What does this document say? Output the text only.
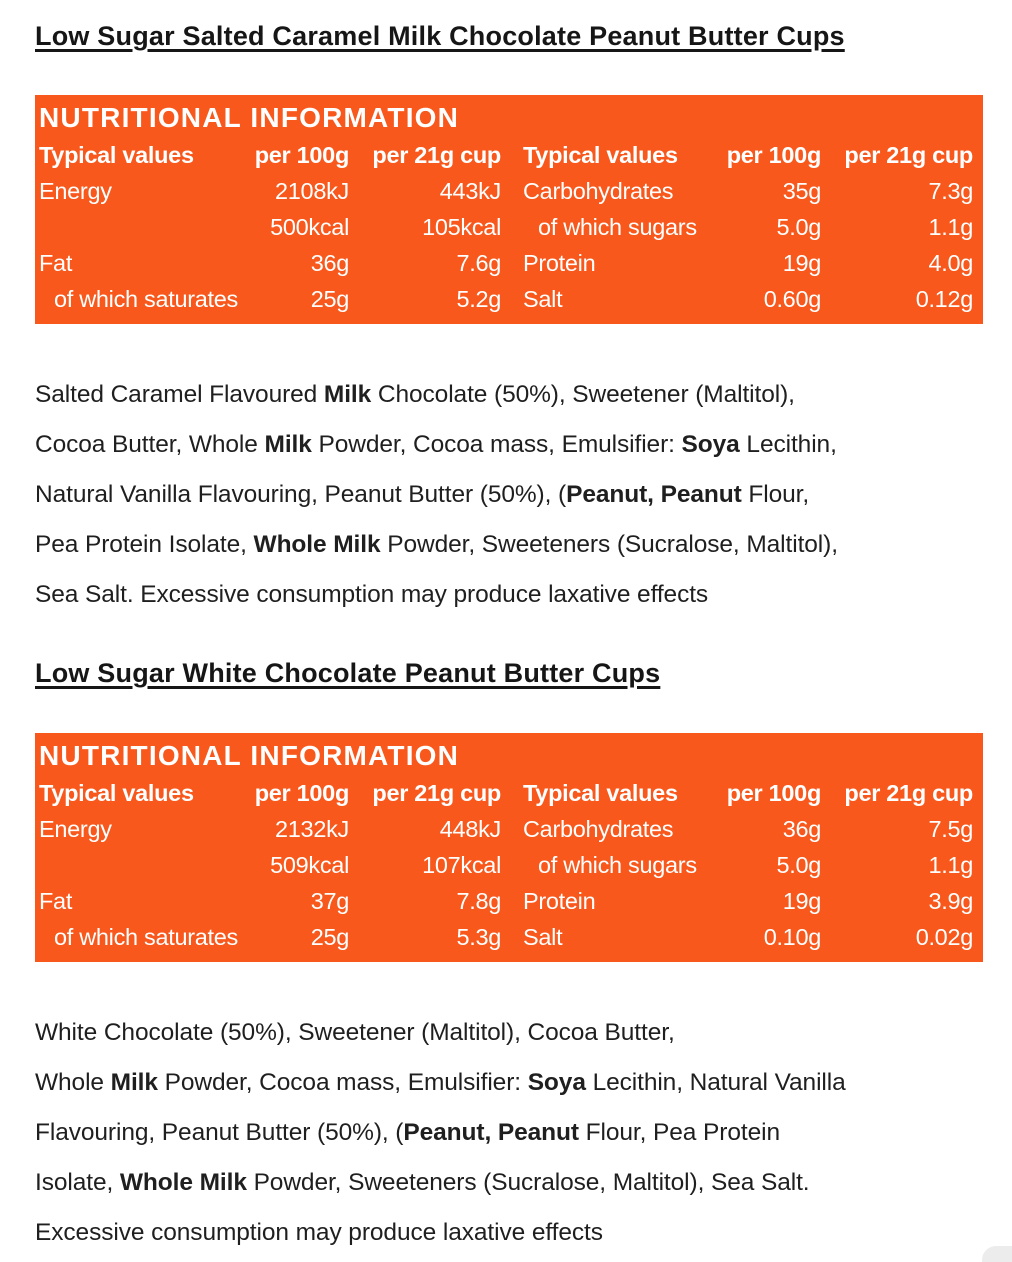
Low Sugar Salted Caramel Milk Chocolate Peanut Butter Cups
NUTRITIONAL INFORMATION
Typical values	per 100g per 21g cup
Energy	2108kJ	443kJ
500kcal	105kcal
Fat	36g	7.6g
of which saturates	25g	5.2g
Typical values	per 100g per 21g cup
Carbohydrates	35g	7.3g
of which sugars	5.0g	1.1g
Protein	19g	4.0g
Salt	0.60g	0.12g
Salted Caramel Flavoured Milk Chocolate (50%), Sweetener (Maltitol),
Cocoa Butter, Whole Milk Powder, Cocoa mass, Emulsifier: Soya Lecithin,
Natural Vanilla Flavouring, Peanut Butter (50%), (Peanut, Peanut Flour,
Pea Protein Isolate, Whole Milk Powder, Sweeteners (Sucralose, Maltitol),
Sea Salt. Excessive consumption may produce laxative effects
Low Sugar White Chocolate Peanut Butter Cups
NUTRITIONAL INFORMATION
Typical values	per 100g per 21g cup
Energy	2132kJ	448kJ
509kcal	107kcal
Fat	37g	7.8g
of which saturates	25g	5.3g
Typical values	per 100g per 21g cup
Carbohydrates	36g	7.5g
of which sugars	5.0g	1.1g
Protein	19g	3.9g
Salt	0.10g	0.02g
White Chocolate (50%), Sweetener (Maltitol), Cocoa Butter,
Whole Milk Powder, Cocoa mass, Emulsifier: Soya Lecithin, Natural Vanilla
Flavouring, Peanut Butter (50%), (Peanut, Peanut Flour, Pea Protein
Isolate, Whole Milk Powder, Sweeteners (Sucralose, Maltitol), Sea Salt.
Excessive consumption may produce laxative effects
